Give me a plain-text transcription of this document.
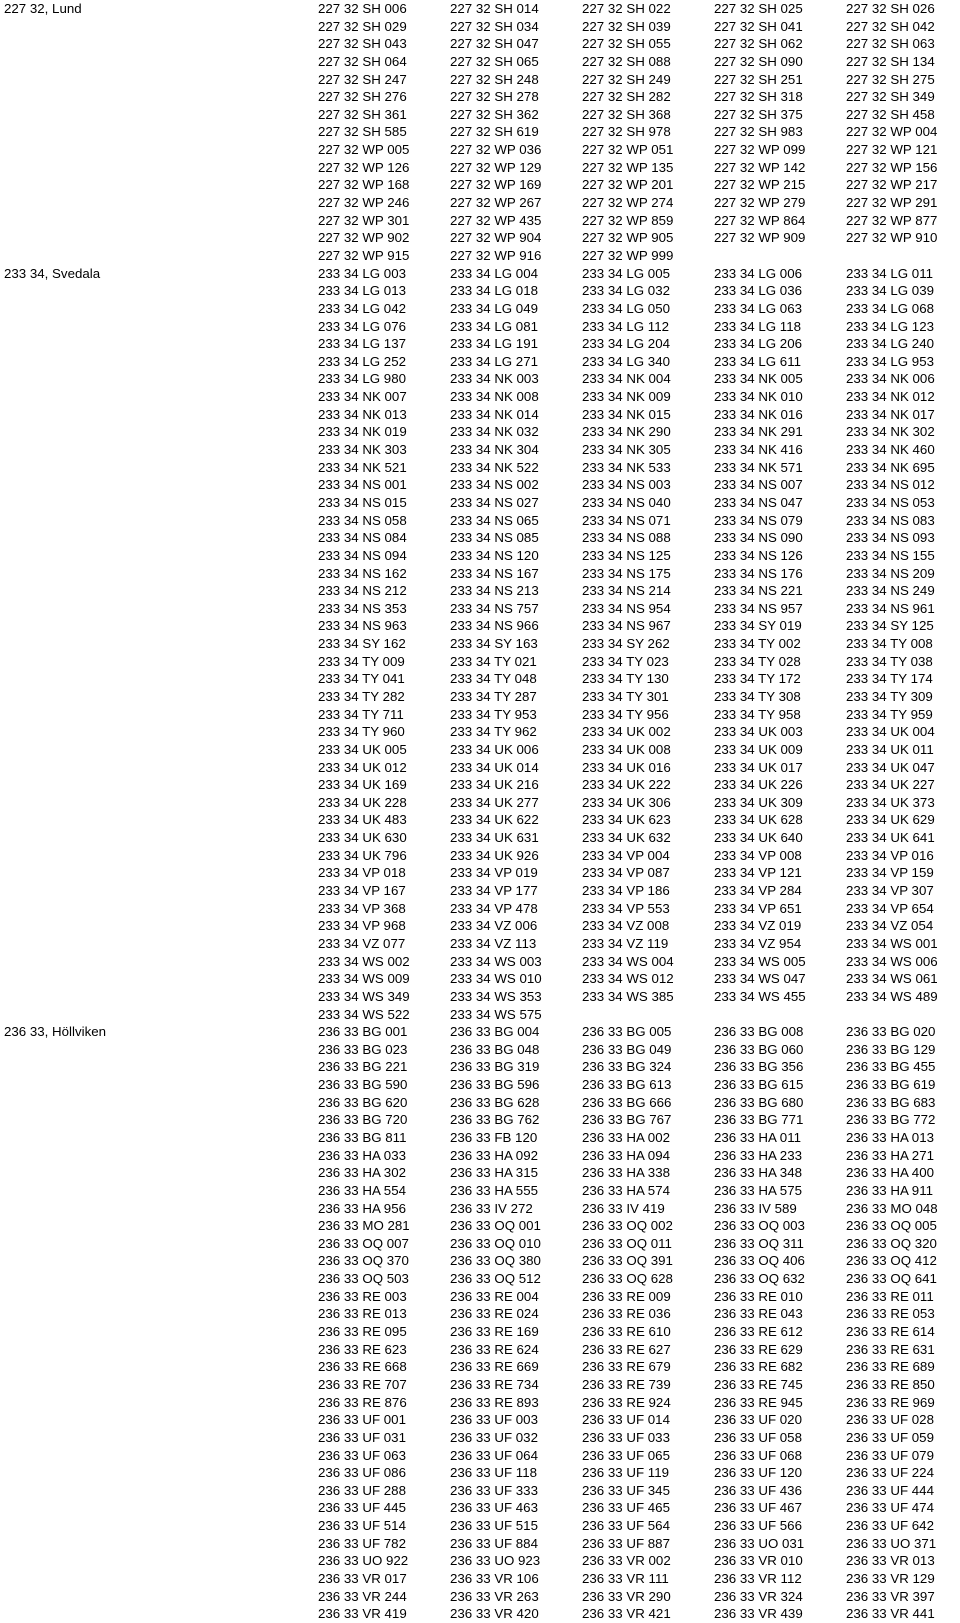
227 32, Lund	227 32 SH 006	227 32 SH 014	227 32 SH 022	227 32 SH 025	227 32 SH 026
227 32 SH 029	227 32 SH 034	227 32 SH 039	227 32 SH 041	227 32 SH 042
227 32 SH 043	227 32 SH 047	227 32 SH 055	227 32 SH 062	227 32 SH 063
227 32 SH 064	227 32 SH 065	227 32 SH 088	227 32 SH 090	227 32 SH 134
227 32 SH 247	227 32 SH 248	227 32 SH 249	227 32 SH 251	227 32 SH 275
227 32 SH 276	227 32 SH 278	227 32 SH 282	227 32 SH 318	227 32 SH 349
227 32 SH 361	227 32 SH 362	227 32 SH 368	227 32 SH 375	227 32 SH 458
227 32 SH 585	227 32 SH 619	227 32 SH 978	227 32 SH 983	227 32 WP 004
227 32 WP 005	227 32 WP 036	227 32 WP 051	227 32 WP 099	227 32 WP 121
227 32 WP 126	227 32 WP 129	227 32 WP 135	227 32 WP 142	227 32 WP 156
227 32 WP 168	227 32 WP 169	227 32 WP 201	227 32 WP 215	227 32 WP 217
227 32 WP 246	227 32 WP 267	227 32 WP 274	227 32 WP 279	227 32 WP 291
227 32 WP 301	227 32 WP 435	227 32 WP 859	227 32 WP 864	227 32 WP 877
227 32 WP 902	227 32 WP 904	227 32 WP 905	227 32 WP 909	227 32 WP 910
227 32 WP 915	227 32 WP 916	227 32 WP 999
233 34, Svedala	233 34 LG 003	233 34 LG 004	233 34 LG 005	233 34 LG 006	233 34 LG 011
233 34 LG 013	233 34 LG 018	233 34 LG 032	233 34 LG 036	233 34 LG 039
233 34 LG 042	233 34 LG 049	233 34 LG 050	233 34 LG 063	233 34 LG 068
233 34 LG 076	233 34 LG 081	233 34 LG 112	233 34 LG 118	233 34 LG 123
233 34 LG 137	233 34 LG 191	233 34 LG 204	233 34 LG 206	233 34 LG 240
233 34 LG 252	233 34 LG 271	233 34 LG 340	233 34 LG 611	233 34 LG 953
233 34 LG 980	233 34 NK 003	233 34 NK 004	233 34 NK 005	233 34 NK 006
233 34 NK 007	233 34 NK 008	233 34 NK 009	233 34 NK 010	233 34 NK 012
233 34 NK 013	233 34 NK 014	233 34 NK 015	233 34 NK 016	233 34 NK 017
233 34 NK 019	233 34 NK 032	233 34 NK 290	233 34 NK 291	233 34 NK 302
233 34 NK 303	233 34 NK 304	233 34 NK 305	233 34 NK 416	233 34 NK 460
233 34 NK 521	233 34 NK 522	233 34 NK 533	233 34 NK 571	233 34 NK 695
233 34 NS 001	233 34 NS 002	233 34 NS 003	233 34 NS 007	233 34 NS 012
233 34 NS 015	233 34 NS 027	233 34 NS 040	233 34 NS 047	233 34 NS 053
233 34 NS 058	233 34 NS 065	233 34 NS 071	233 34 NS 079	233 34 NS 083
233 34 NS 084	233 34 NS 085	233 34 NS 088	233 34 NS 090	233 34 NS 093
233 34 NS 094	233 34 NS 120	233 34 NS 125	233 34 NS 126	233 34 NS 155
233 34 NS 162	233 34 NS 167	233 34 NS 175	233 34 NS 176	233 34 NS 209
233 34 NS 212	233 34 NS 213	233 34 NS 214	233 34 NS 221	233 34 NS 249
233 34 NS 353	233 34 NS 757	233 34 NS 954	233 34 NS 957	233 34 NS 961
233 34 NS 963	233 34 NS 966	233 34 NS 967	233 34 SY 019	233 34 SY 125
233 34 SY 162	233 34 SY 163	233 34 SY 262	233 34 TY 002	233 34 TY 008
233 34 TY 009	233 34 TY 021	233 34 TY 023	233 34 TY 028	233 34 TY 038
233 34 TY 041	233 34 TY 048	233 34 TY 130	233 34 TY 172	233 34 TY 174
233 34 TY 282	233 34 TY 287	233 34 TY 301	233 34 TY 308	233 34 TY 309
233 34 TY 711	233 34 TY 953	233 34 TY 956	233 34 TY 958	233 34 TY 959
233 34 TY 960	233 34 TY 962	233 34 UK 002	233 34 UK 003	233 34 UK 004
233 34 UK 005	233 34 UK 006	233 34 UK 008	233 34 UK 009	233 34 UK 011
233 34 UK 012	233 34 UK 014	233 34 UK 016	233 34 UK 017	233 34 UK 047
233 34 UK 169	233 34 UK 216	233 34 UK 222	233 34 UK 226	233 34 UK 227
233 34 UK 228	233 34 UK 277	233 34 UK 306	233 34 UK 309	233 34 UK 373
233 34 UK 483	233 34 UK 622	233 34 UK 623	233 34 UK 628	233 34 UK 629
233 34 UK 630	233 34 UK 631	233 34 UK 632	233 34 UK 640	233 34 UK 641
233 34 UK 796	233 34 UK 926	233 34 VP 004	233 34 VP 008	233 34 VP 016
233 34 VP 018	233 34 VP 019	233 34 VP 087	233 34 VP 121	233 34 VP 159
233 34 VP 167	233 34 VP 177	233 34 VP 186	233 34 VP 284	233 34 VP 307
233 34 VP 368	233 34 VP 478	233 34 VP 553	233 34 VP 651	233 34 VP 654
233 34 VP 968	233 34 VZ 006	233 34 VZ 008	233 34 VZ 019	233 34 VZ 054
233 34 VZ 077	233 34 VZ 113	233 34 VZ 119	233 34 VZ 954	233 34 WS 001
233 34 WS 002	233 34 WS 003	233 34 WS 004	233 34 WS 005	233 34 WS 006
233 34 WS 009	233 34 WS 010	233 34 WS 012	233 34 WS 047	233 34 WS 061
233 34 WS 349	233 34 WS 353	233 34 WS 385	233 34 WS 455	233 34 WS 489
233 34 WS 522	233 34 WS 575
236 33, Höllviken	236 33 BG 001	236 33 BG 004	236 33 BG 005	236 33 BG 008	236 33 BG 020
236 33 BG 023	236 33 BG 048	236 33 BG 049	236 33 BG 060	236 33 BG 129
236 33 BG 221	236 33 BG 319	236 33 BG 324	236 33 BG 356	236 33 BG 455
236 33 BG 590	236 33 BG 596	236 33 BG 613	236 33 BG 615	236 33 BG 619
236 33 BG 620	236 33 BG 628	236 33 BG 666	236 33 BG 680	236 33 BG 683
236 33 BG 720	236 33 BG 762	236 33 BG 767	236 33 BG 771	236 33 BG 772
236 33 BG 811	236 33 FB 120	236 33 HA 002	236 33 HA 011	236 33 HA 013
236 33 HA 033	236 33 HA 092	236 33 HA 094	236 33 HA 233	236 33 HA 271
236 33 HA 302	236 33 HA 315	236 33 HA 338	236 33 HA 348	236 33 HA 400
236 33 HA 554	236 33 HA 555	236 33 HA 574	236 33 HA 575	236 33 HA 911
236 33 HA 956	236 33 IV 272	236 33 IV 419	236 33 IV 589	236 33 MO 048
236 33 MO 281	236 33 OQ 001	236 33 OQ 002	236 33 OQ 003	236 33 OQ 005
236 33 OQ 007	236 33 OQ 010	236 33 OQ 011	236 33 OQ 311	236 33 OQ 320
236 33 OQ 370	236 33 OQ 380	236 33 OQ 391	236 33 OQ 406	236 33 OQ 412
236 33 OQ 503	236 33 OQ 512	236 33 OQ 628	236 33 OQ 632	236 33 OQ 641
236 33 RE 003	236 33 RE 004	236 33 RE 009	236 33 RE 010	236 33 RE 011
236 33 RE 013	236 33 RE 024	236 33 RE 036	236 33 RE 043	236 33 RE 053
236 33 RE 095	236 33 RE 169	236 33 RE 610	236 33 RE 612	236 33 RE 614
236 33 RE 623	236 33 RE 624	236 33 RE 627	236 33 RE 629	236 33 RE 631
236 33 RE 668	236 33 RE 669	236 33 RE 679	236 33 RE 682	236 33 RE 689
236 33 RE 707	236 33 RE 734	236 33 RE 739	236 33 RE 745	236 33 RE 850
236 33 RE 876	236 33 RE 893	236 33 RE 924	236 33 RE 945	236 33 RE 969
236 33 UF 001	236 33 UF 003	236 33 UF 014	236 33 UF 020	236 33 UF 028
236 33 UF 031	236 33 UF 032	236 33 UF 033	236 33 UF 058	236 33 UF 059
236 33 UF 063	236 33 UF 064	236 33 UF 065	236 33 UF 068	236 33 UF 079
236 33 UF 086	236 33 UF 118	236 33 UF 119	236 33 UF 120	236 33 UF 224
236 33 UF 288	236 33 UF 333	236 33 UF 345	236 33 UF 436	236 33 UF 444
236 33 UF 445	236 33 UF 463	236 33 UF 465	236 33 UF 467	236 33 UF 474
236 33 UF 514	236 33 UF 515	236 33 UF 564	236 33 UF 566	236 33 UF 642
236 33 UF 782	236 33 UF 884	236 33 UF 887	236 33 UO 031	236 33 UO 371
236 33 UO 922	236 33 UO 923	236 33 VR 002	236 33 VR 010	236 33 VR 013
236 33 VR 017	236 33 VR 106	236 33 VR 111	236 33 VR 112	236 33 VR 129
236 33 VR 244	236 33 VR 263	236 33 VR 290	236 33 VR 324	236 33 VR 397
236 33 VR 419	236 33 VR 420	236 33 VR 421	236 33 VR 439	236 33 VR 441
